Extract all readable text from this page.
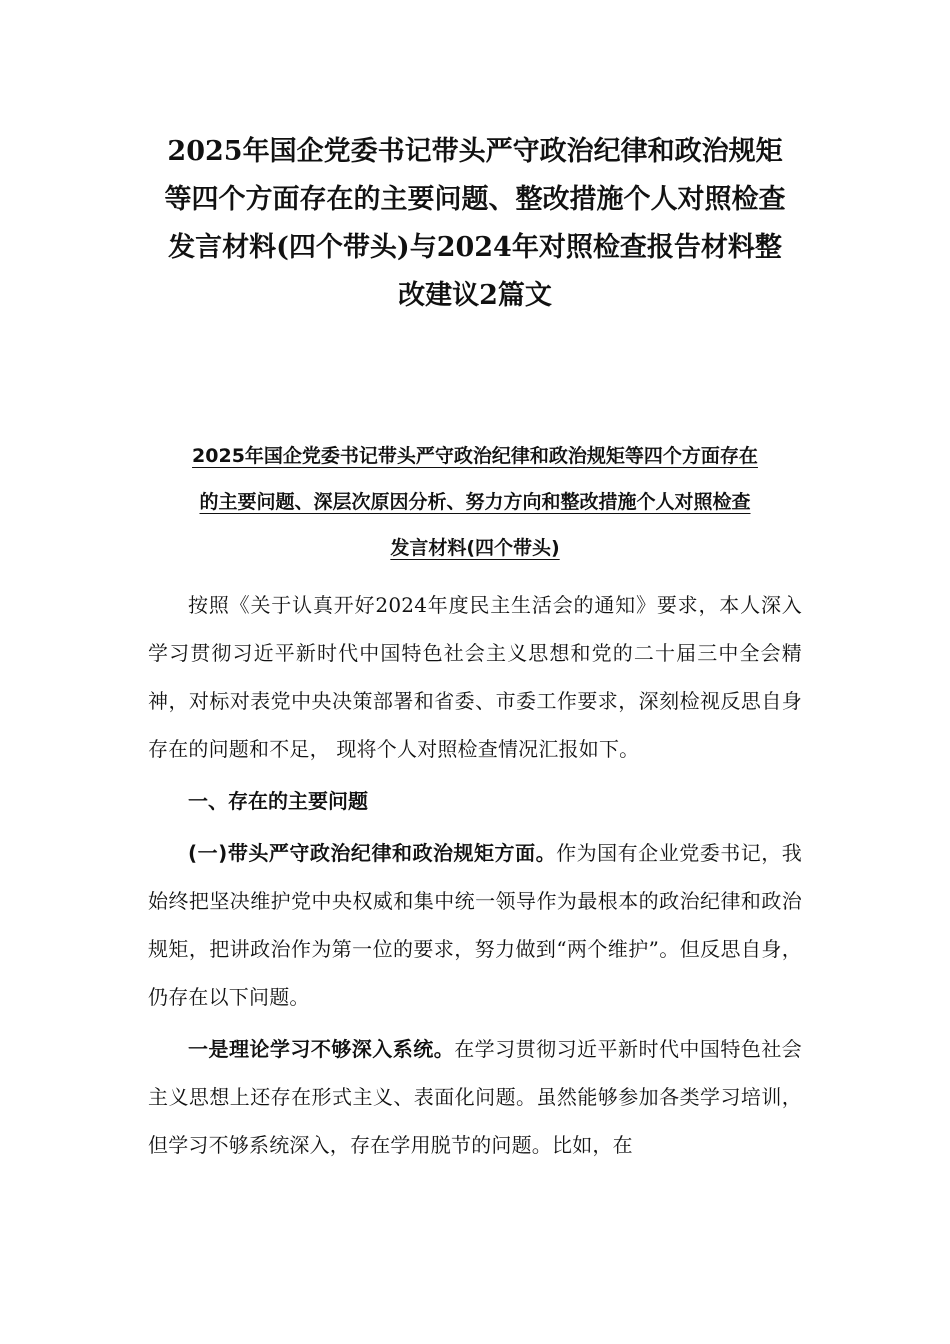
2025年国企党委书记带头严守政治纪律和政治规矩
等四个方面存在的主要问题、整改措施个人对照检查
发言材料(四个带头)与2024年对照检查报告材料整
改建议2篇文
2025年国企党委书记带头严守政治纪律和政治规矩等四个方面存在
的主要问题、深层次原因分析、努力方向和整改措施个人对照检查
发言材料(四个带头)

按照《关于认真开好2024年度民主生活会的通知》要求，本人深入学习贯彻习近平新时代中国特色社会主义思想和党的二十届三中全会精神，对标对表党中央决策部署和省委、市委工作要求，深刻检视反思自身存在的问题和不足， 现将个人对照检查情况汇报如下。

一、存在的主要问题

(一)带头严守政治纪律和政治规矩方面。作为国有企业党委书记，我始终把坚决维护党中央权威和集中统一领导作为最根本的政治纪律和政治规矩，把讲政治作为第一位的要求，努力做到“两个维护”。但反思自身，仍存在以下问题。

一是理论学习不够深入系统。在学习贯彻习近平新时代中国特色社会主义思想上还存在形式主义、表面化问题。虽然能够参加各类学习培训，但学习不够系统深入，存在学用脱节的问题。比如，在
